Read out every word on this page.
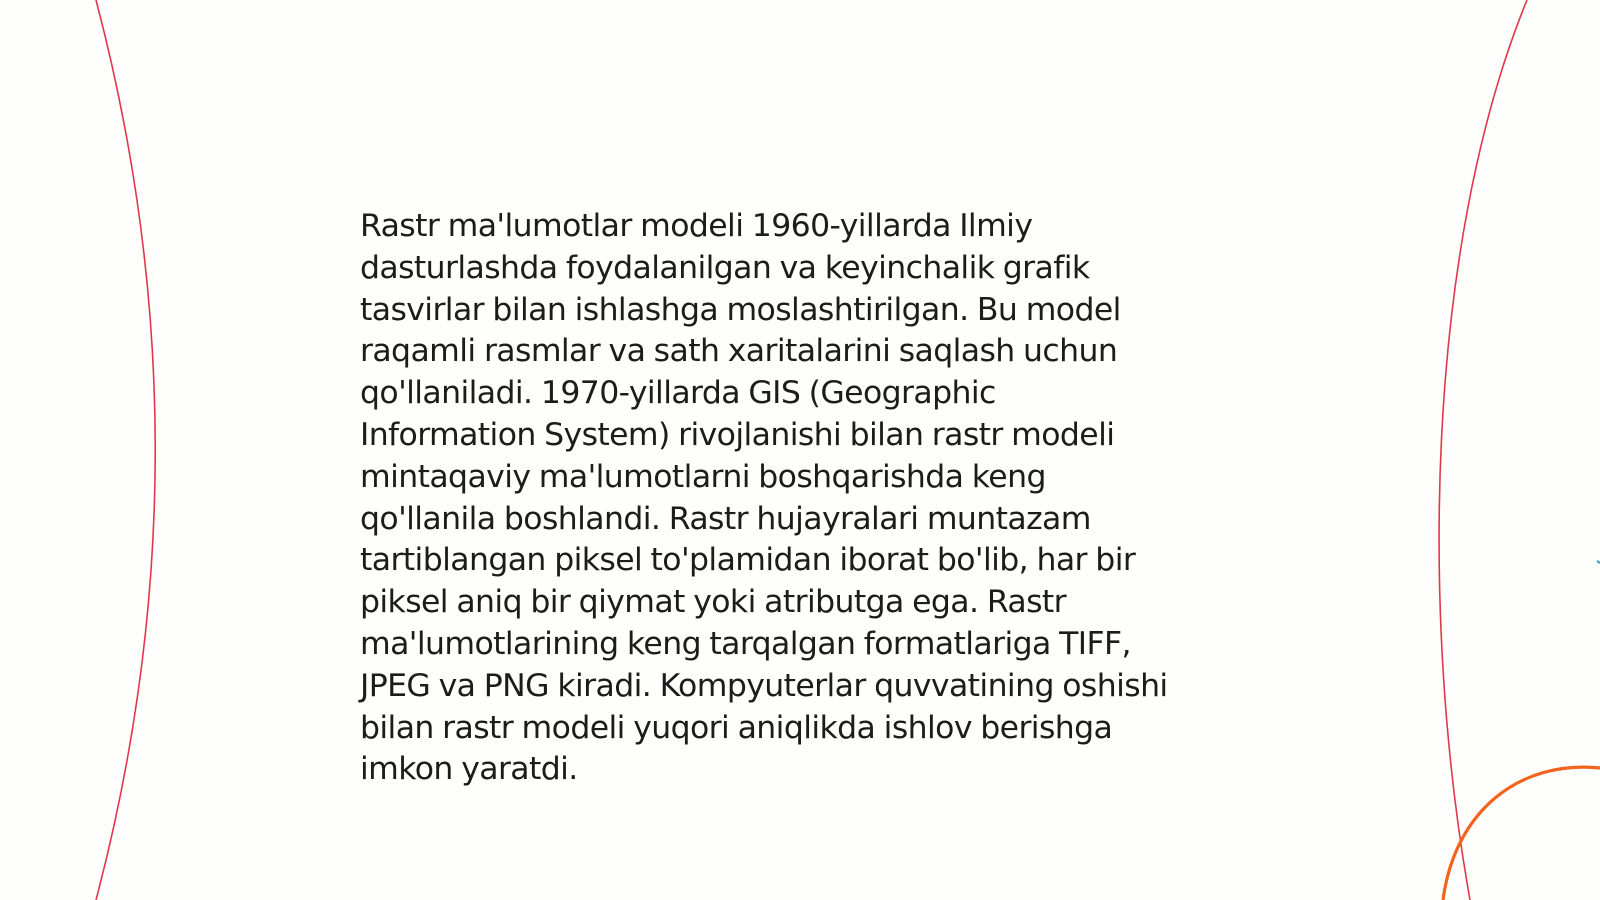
Rastr ma'lumotlar modeli 1960-yillarda Ilmiy
dasturlashda foydalanilgan va keyinchalik grafik
tasvirlar bilan ishlashga moslashtirilgan. Bu model
raqamli rasmlar va sath xaritalarini saqlash uchun
qo'llaniladi. 1970-yillarda GIS (Geographic
Information System) rivojlanishi bilan rastr modeli
mintaqaviy ma'lumotlarni boshqarishda keng
qo'llanila boshlandi. Rastr hujayralari muntazam
tartiblangan piksel to'plamidan iborat bo'lib, har bir
piksel aniq bir qiymat yoki atributga ega. Rastr
ma'lumotlarining keng tarqalgan formatlariga TIFF,
JPEG va PNG kiradi. Kompyuterlar quvvatining oshishi
bilan rastr modeli yuqori aniqlikda ishlov berishga
imkon yaratdi.
